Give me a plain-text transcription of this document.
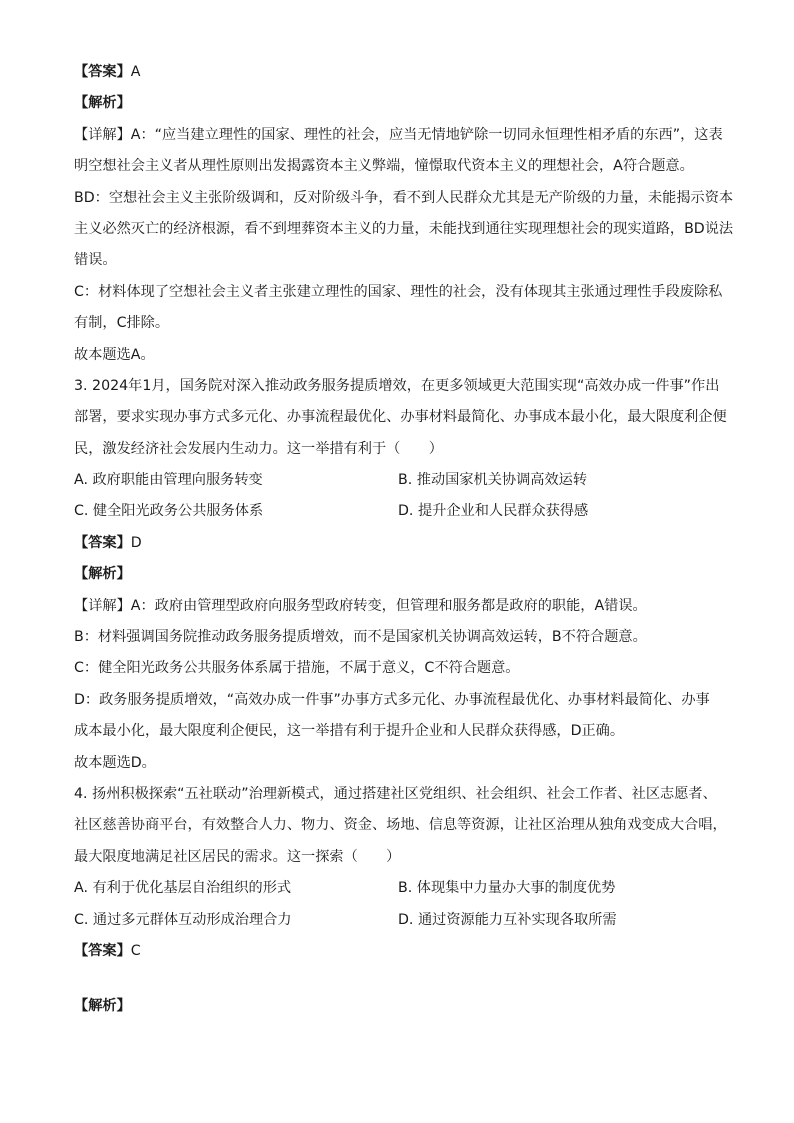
【答案】A
【解析】
【详解】A：“应当建立理性的国家、理性的社会，应当无情地铲除一切同永恒理性相矛盾的东西”，这表
明空想社会主义者从理性原则出发揭露资本主义弊端，憧憬取代资本主义的理想社会，A符合题意。
BD：空想社会主义主张阶级调和，反对阶级斗争，看不到人民群众尤其是无产阶级的力量，未能揭示资本
主义必然灭亡的经济根源，看不到埋葬资本主义的力量，未能找到通往实现理想社会的现实道路，BD说法
错误。
C：材料体现了空想社会主义者主张建立理性的国家、理性的社会，没有体现其主张通过理性手段废除私
有制，C排除。
故本题选A。
3. 2024年1月，国务院对深入推动政务服务提质增效，在更多领域更大范围实现“高效办成一件事”作出
部署，要求实现办事方式多元化、办事流程最优化、办事材料最简化、办事成本最小化，最大限度利企便
民，激发经济社会发展内生动力。这一举措有利于（　　）
A. 政府职能由管理向服务转变	B. 推动国家机关协调高效运转
C. 健全阳光政务公共服务体系	D. 提升企业和人民群众获得感
【答案】D
【解析】
【详解】A：政府由管理型政府向服务型政府转变，但管理和服务都是政府的职能，A错误。
B：材料强调国务院推动政务服务提质增效，而不是国家机关协调高效运转，B不符合题意。
C：健全阳光政务公共服务体系属于措施，不属于意义，C不符合题意。
D：政务服务提质增效，“高效办成一件事”办事方式多元化、办事流程最优化、办事材料最简化、办事
成本最小化，最大限度利企便民，这一举措有利于提升企业和人民群众获得感，D正确。
故本题选D。
4. 扬州积极探索“五社联动”治理新模式，通过搭建社区党组织、社会组织、社会工作者、社区志愿者、
社区慈善协商平台，有效整合人力、物力、资金、场地、信息等资源，让社区治理从独角戏变成大合唱，
最大限度地满足社区居民的需求。这一探索（　　）
A. 有利于优化基层自治组织的形式	B. 体现集中力量办大事的制度优势
C. 通过多元群体互动形成治理合力	D. 通过资源能力互补实现各取所需
【答案】C
【解析】
